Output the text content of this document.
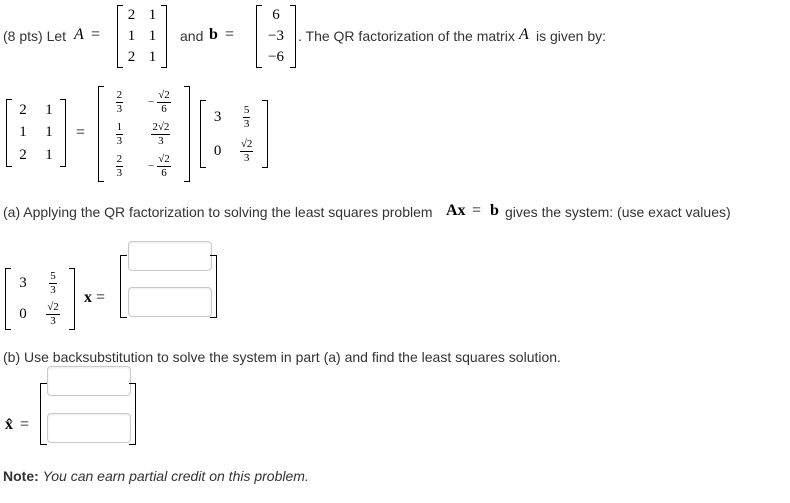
(8 pts) Let A =
2 1
1 1
2 1
and b =
6
−3
−6
. The QR factorization of the matrix A is given by:
2 1
1 1
2 1
=
$\frac{2}{3} - \frac{√2}{6}$
$\frac{1}{3}$	$\frac{2√2}{3}$
$\frac{2}{3} - \frac{√2}{6}$
$3 \frac{5}{3}$
$0 \frac{√2}{3}$
(a) Applying the QR factorization to solving the least squares problem Ax = b gives the system: (use exact values)
$3 \frac{5}{3}$
$0 \frac{√2}{3}$
x =
(b) Use backsubstitution to solve the system in part (a) and find the least squares solution.
x̂ =
Note: You can earn partial credit on this problem.
